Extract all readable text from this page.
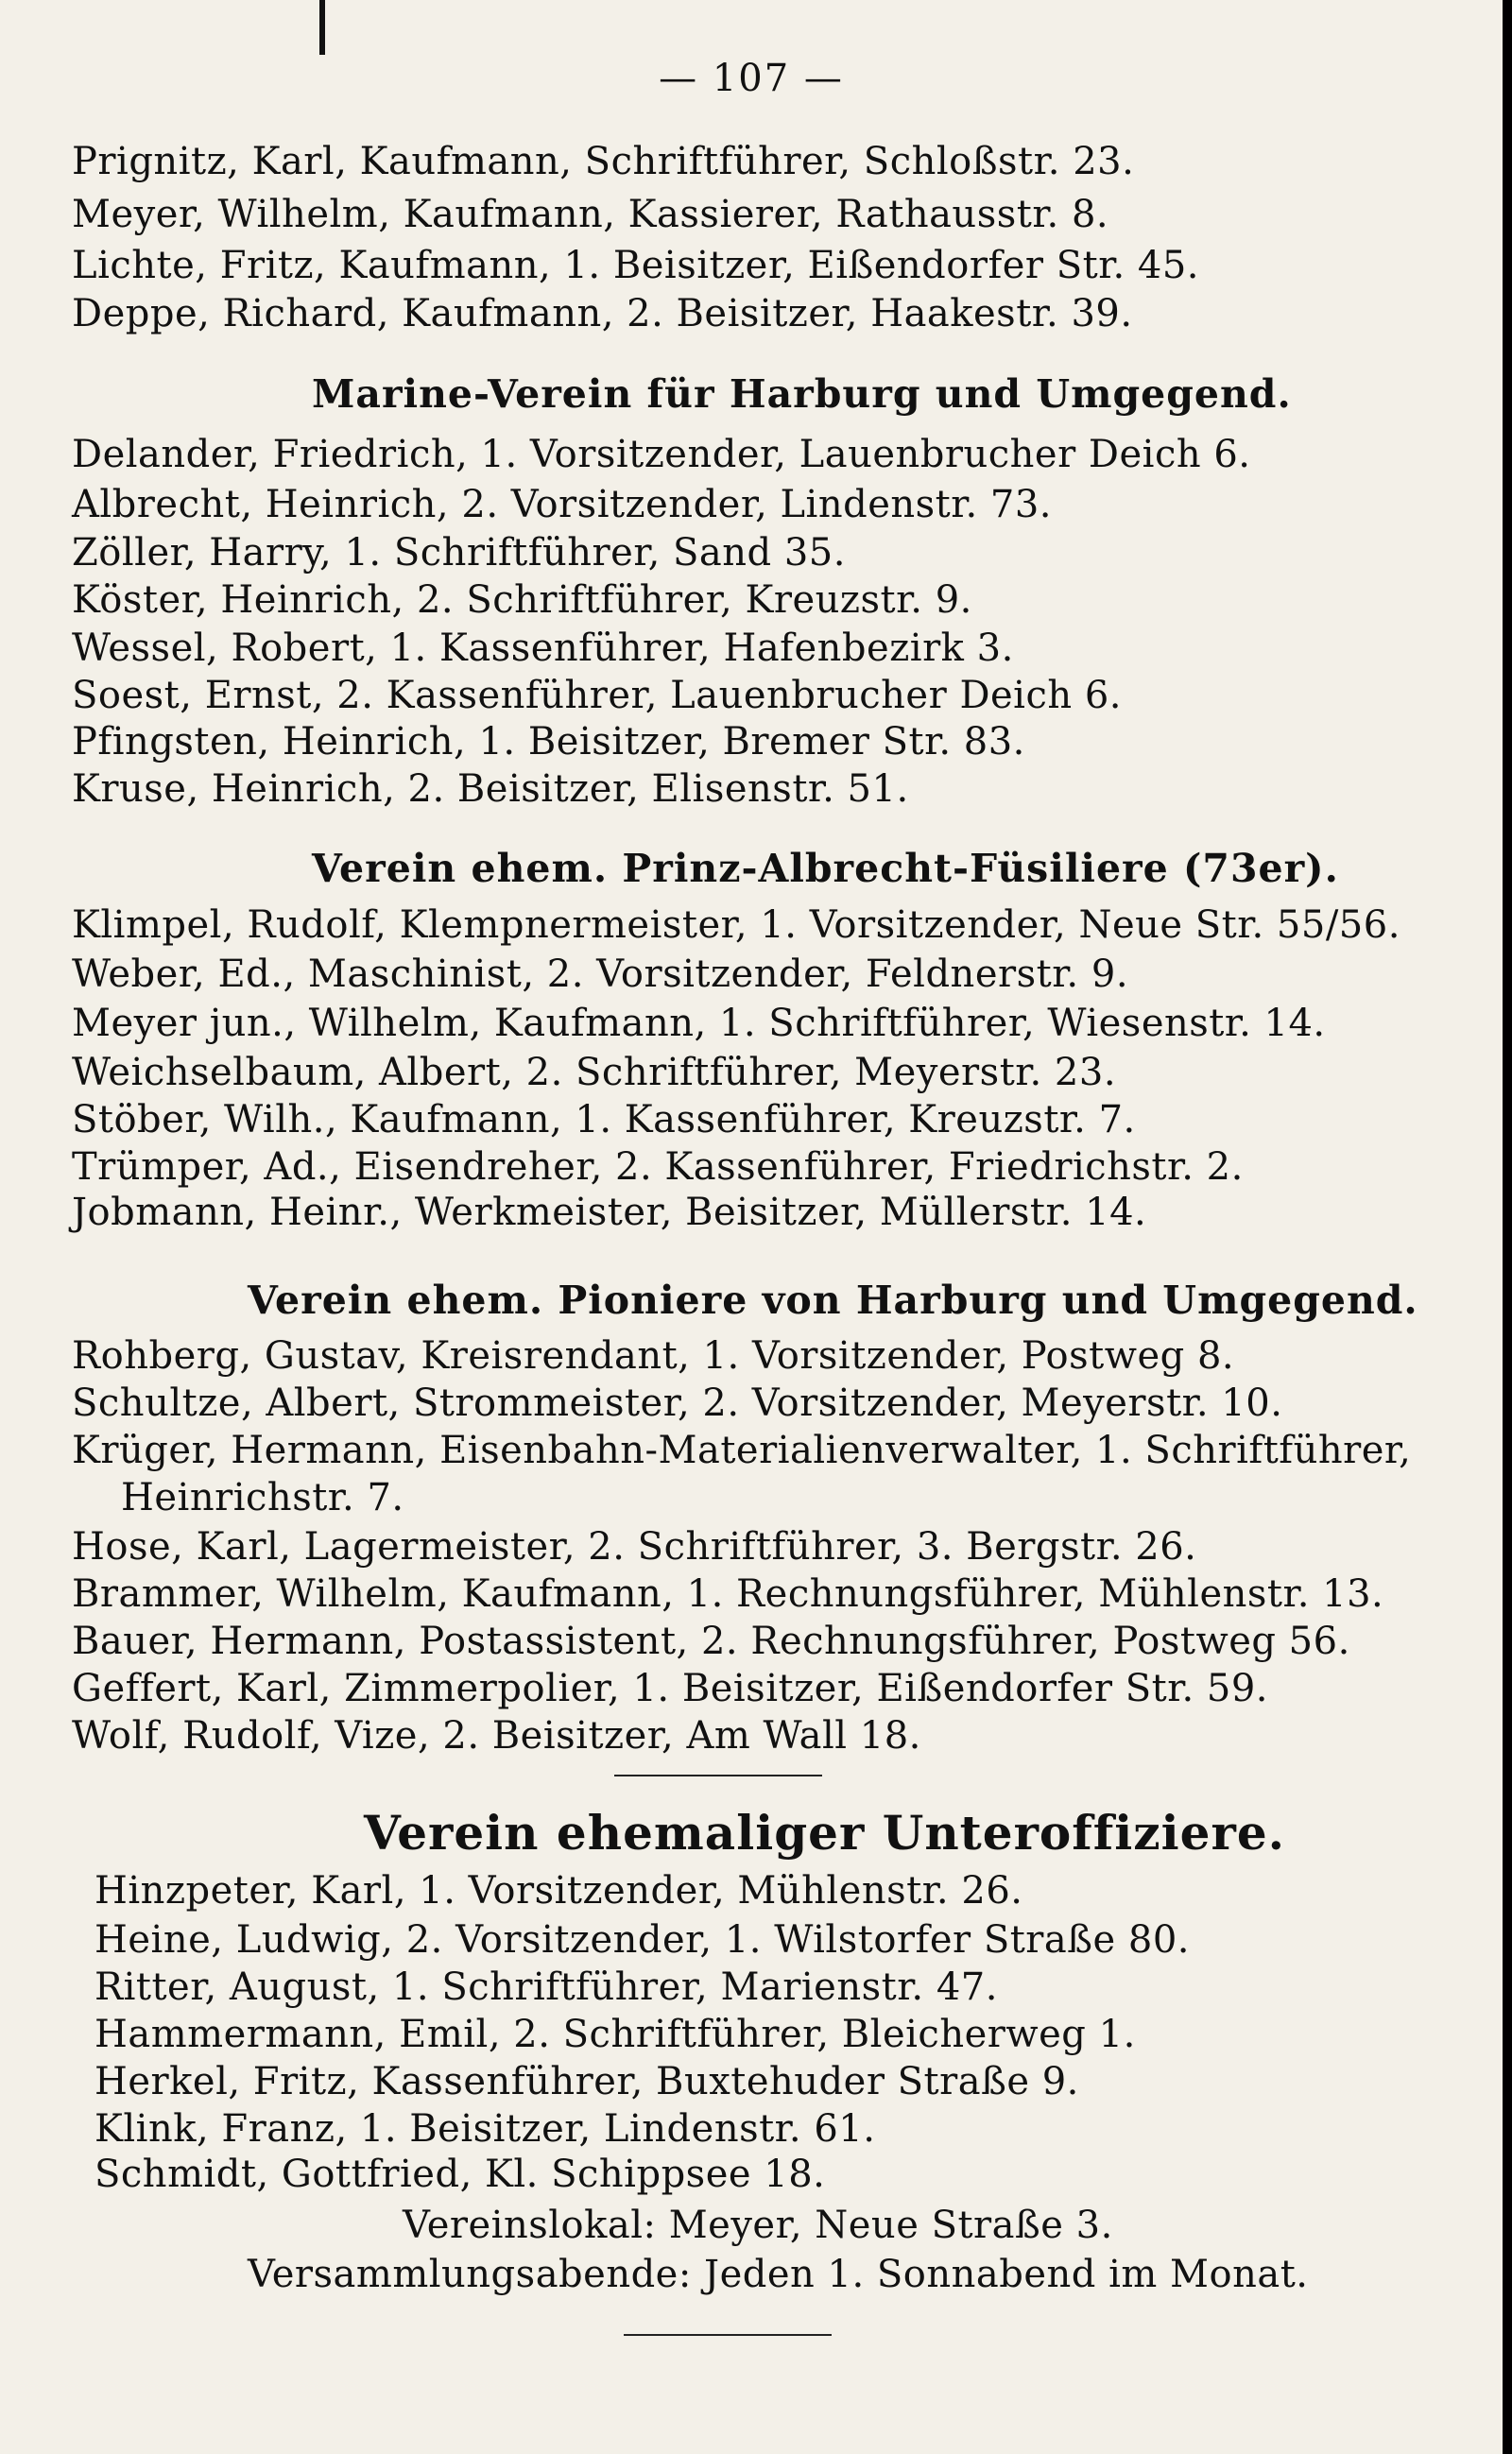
— 107 —
Prignitz, Karl, Kaufmann, Schriftführer, Schloßstr. 23.
Meyer, Wilhelm, Kaufmann, Kassierer, Rathausstr. 8.
Lichte, Fritz, Kaufmann, 1. Beisitzer, Eißendorfer Str. 45.
Deppe, Richard, Kaufmann, 2. Beisitzer, Haakestr. 39.
Marine-Verein für Harburg und Umgegend.
Delander, Friedrich, 1. Vorsitzender, Lauenbrucher Deich 6.
Albrecht, Heinrich, 2. Vorsitzender, Lindenstr. 73.
Zöller, Harry, 1. Schriftführer, Sand 35.
Köster, Heinrich, 2. Schriftführer, Kreuzstr. 9.
Wessel, Robert, 1. Kassenführer, Hafenbezirk 3.
Soest, Ernst, 2. Kassenführer, Lauenbrucher Deich 6.
Pfingsten, Heinrich, 1. Beisitzer, Bremer Str. 83.
Kruse, Heinrich, 2. Beisitzer, Elisenstr. 51.
Verein ehem. Prinz-Albrecht-Füsiliere (73er).
Klimpel, Rudolf, Klempnermeister, 1. Vorsitzender, Neue Str. 55/56.
Weber, Ed., Maschinist, 2. Vorsitzender, Feldnerstr. 9.
Meyer jun., Wilhelm, Kaufmann, 1. Schriftführer, Wiesenstr. 14.
Weichselbaum, Albert, 2. Schriftführer, Meyerstr. 23.
Stöber, Wilh., Kaufmann, 1. Kassenführer, Kreuzstr. 7.
Trümper, Ad., Eisendreher, 2. Kassenführer, Friedrichstr. 2.
Jobmann, Heinr., Werkmeister, Beisitzer, Müllerstr. 14.
Verein ehem. Pioniere von Harburg und Umgegend.
Rohberg, Gustav, Kreisrendant, 1. Vorsitzender, Postweg 8.
Schultze, Albert, Strommeister, 2. Vorsitzender, Meyerstr. 10.
Krüger, Hermann, Eisenbahn-Materialienverwalter, 1. Schriftführer,
Heinrichstr. 7.
Hose, Karl, Lagermeister, 2. Schriftführer, 3. Bergstr. 26.
Brammer, Wilhelm, Kaufmann, 1. Rechnungsführer, Mühlenstr. 13.
Bauer, Hermann, Postassistent, 2. Rechnungsführer, Postweg 56.
Geffert, Karl, Zimmerpolier, 1. Beisitzer, Eißendorfer Str. 59.
Wolf, Rudolf, Vize, 2. Beisitzer, Am Wall 18.
Verein ehemaliger Unteroffiziere.
Hinzpeter, Karl, 1. Vorsitzender, Mühlenstr. 26.
Heine, Ludwig, 2. Vorsitzender, 1. Wilstorfer Straße 80.
Ritter, August, 1. Schriftführer, Marienstr. 47.
Hammermann, Emil, 2. Schriftführer, Bleicherweg 1.
Herkel, Fritz, Kassenführer, Buxtehuder Straße 9.
Klink, Franz, 1. Beisitzer, Lindenstr. 61.
Schmidt, Gottfried, Kl. Schippsee 18.
Vereinslokal: Meyer, Neue Straße 3.
Versammlungsabende: Jeden 1. Sonnabend im Monat.
